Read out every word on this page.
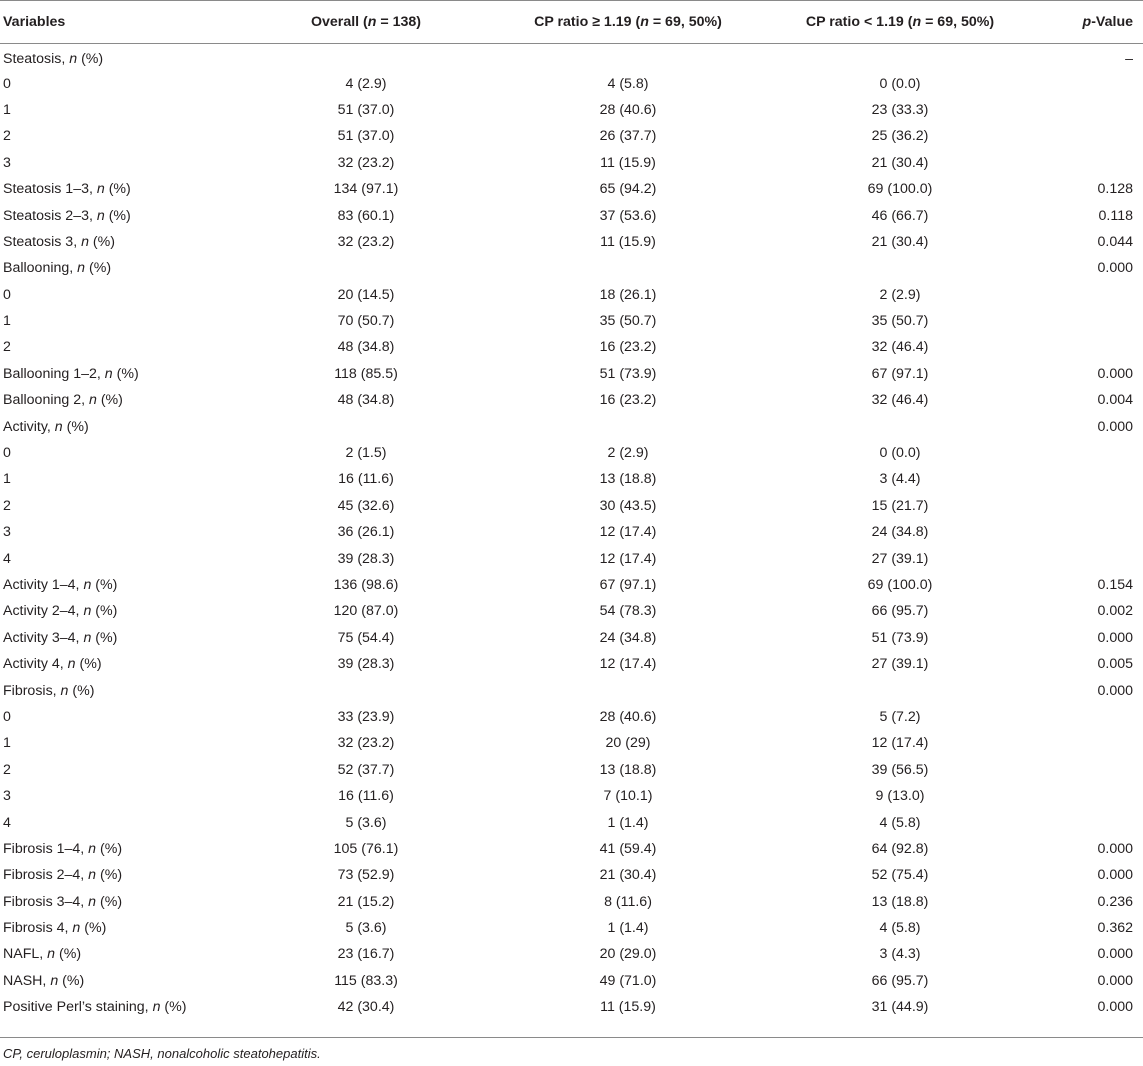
Variables	Overall (n = 138)	CP ratio ≥ 1.19 (n = 69, 50%)	CP ratio < 1.19 (n = 69, 50%)	p-Value
Steatosis, n (%)				–
0	4 (2.9)	4 (5.8)	0 (0.0)	
1	51 (37.0)	28 (40.6)	23 (33.3)	
2	51 (37.0)	26 (37.7)	25 (36.2)	
3	32 (23.2)	11 (15.9)	21 (30.4)	
Steatosis 1–3, n (%)	134 (97.1)	65 (94.2)	69 (100.0)	0.128
Steatosis 2–3, n (%)	83 (60.1)	37 (53.6)	46 (66.7)	0.118
Steatosis 3, n (%)	32 (23.2)	11 (15.9)	21 (30.4)	0.044
Ballooning, n (%)				0.000
0	20 (14.5)	18 (26.1)	2 (2.9)	
1	70 (50.7)	35 (50.7)	35 (50.7)	
2	48 (34.8)	16 (23.2)	32 (46.4)	
Ballooning 1–2, n (%)	118 (85.5)	51 (73.9)	67 (97.1)	0.000
Ballooning 2, n (%)	48 (34.8)	16 (23.2)	32 (46.4)	0.004
Activity, n (%)				0.000
0	2 (1.5)	2 (2.9)	0 (0.0)	
1	16 (11.6)	13 (18.8)	3 (4.4)	
2	45 (32.6)	30 (43.5)	15 (21.7)	
3	36 (26.1)	12 (17.4)	24 (34.8)	
4	39 (28.3)	12 (17.4)	27 (39.1)	
Activity 1–4, n (%)	136 (98.6)	67 (97.1)	69 (100.0)	0.154
Activity 2–4, n (%)	120 (87.0)	54 (78.3)	66 (95.7)	0.002
Activity 3–4, n (%)	75 (54.4)	24 (34.8)	51 (73.9)	0.000
Activity 4, n (%)	39 (28.3)	12 (17.4)	27 (39.1)	0.005
Fibrosis, n (%)				0.000
0	33 (23.9)	28 (40.6)	5 (7.2)	
1	32 (23.2)	20 (29)	12 (17.4)	
2	52 (37.7)	13 (18.8)	39 (56.5)	
3	16 (11.6)	7 (10.1)	9 (13.0)	
4	5 (3.6)	1 (1.4)	4 (5.8)	
Fibrosis 1–4, n (%)	105 (76.1)	41 (59.4)	64 (92.8)	0.000
Fibrosis 2–4, n (%)	73 (52.9)	21 (30.4)	52 (75.4)	0.000
Fibrosis 3–4, n (%)	21 (15.2)	8 (11.6)	13 (18.8)	0.236
Fibrosis 4, n (%)	5 (3.6)	1 (1.4)	4 (5.8)	0.362
NAFL, n (%)	23 (16.7)	20 (29.0)	3 (4.3)	0.000
NASH, n (%)	115 (83.3)	49 (71.0)	66 (95.7)	0.000
Positive Perl’s staining, n (%)	42 (30.4)	11 (15.9)	31 (44.9)	0.000
CP, ceruloplasmin; NASH, nonalcoholic steatohepatitis.
